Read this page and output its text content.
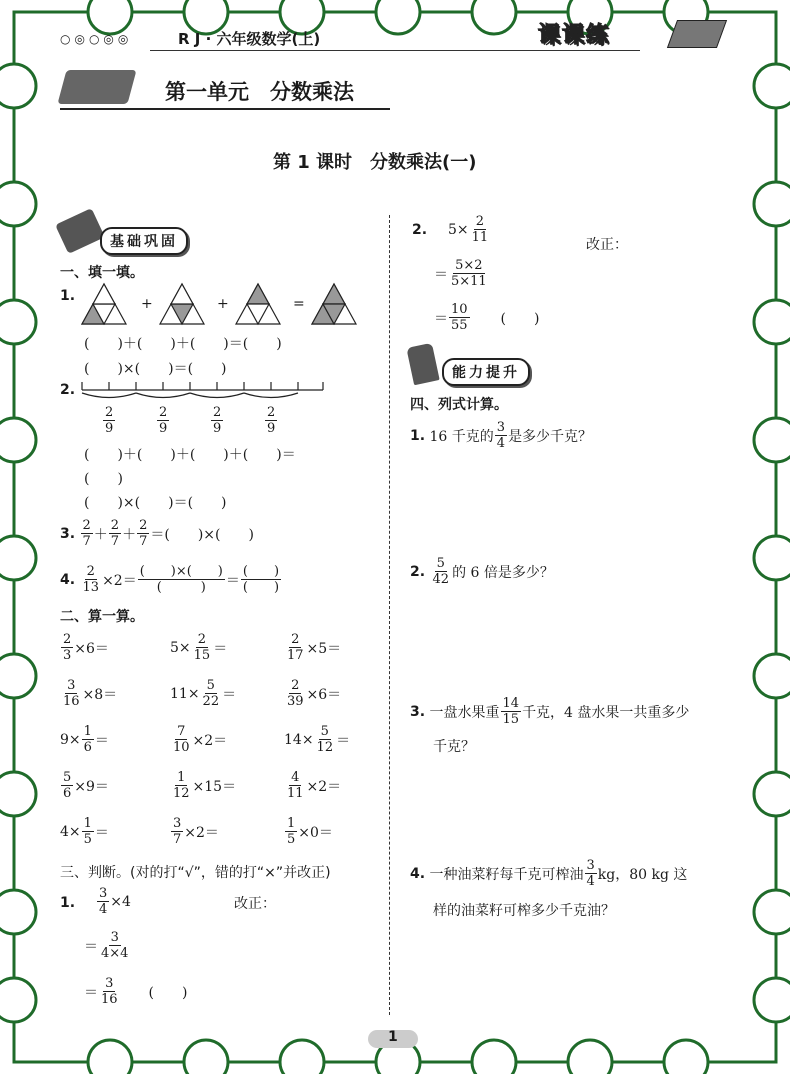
○◎○◎◎	R J · 六年级数学(上)	课课练
第一单元　分数乘法
第 1 课时　分数乘法(一)
基础巩固
一、填一填。
1.	+	+	=
(　　)＋(　　)＋(　　)＝(　　)
(　　)×(　　)＝(　　)
2.
$\frac{2}{9}$	$\frac{2}{9}$	$\frac{2}{9}$	$\frac{2}{9}$
(　　)＋(　　)＋(　　)＋(　　)＝
(　　)
(　　)×(　　)＝(　　)
3.
$\frac{2}{7} + \frac{2}{7} + \frac{2}{7}$ ＝(　　)×(　　)
4.
$\frac{2}{13} \times 2= \frac{( )\times( )}{( )} = \frac{( )}{( )}$
二、算一算。
$\frac{2}{3} \times 6=$	$5\times \frac{2}{15}$ ＝	$\frac{2}{17} \times 5=$
$\frac{3}{16} \times 8=$	$11\times \frac{5}{22}$ ＝	$\frac{2}{39} \times 6=$
$9\times \frac{1}{6}$ ＝	$\frac{7}{10} \times 2=$	$14\times \frac{5}{12}$ ＝
$\frac{5}{6} \times 9=$	$\frac{1}{12} \times 15=$	$\frac{4}{11} \times 2=$
$4\times \frac{1}{5}$ ＝	$\frac{3}{7} \times 2=$	$\frac{1}{5} \times 0=$
三、判断。(对的打“√”，错的打“×”并改正)
1. $\frac{3}{4} \times 4$	改正：
＝ $\frac{3}{4\times 4}$
＝ $\frac{3}{16}$ (　　)
2. $5\times \frac{2}{11}$	改正：
＝ $\frac{5\times 2}{5\times 11}$
＝ $\frac{10}{55}$ (　　)
能力提升
四、列式计算。
1.
16 千克的 $\frac{3}{4}$ 是多少千克？
2.
$\frac{5}{42}$ 的 6 倍是多少？
3.
一盘水果重 $\frac{14}{15}$ 千克，4 盘水果一共重多少
千克？
4.
一种油菜籽每千克可榨油 $\frac{3}{4}$ kg，80 kg 这
样的油菜籽可榨多少千克油？
1
